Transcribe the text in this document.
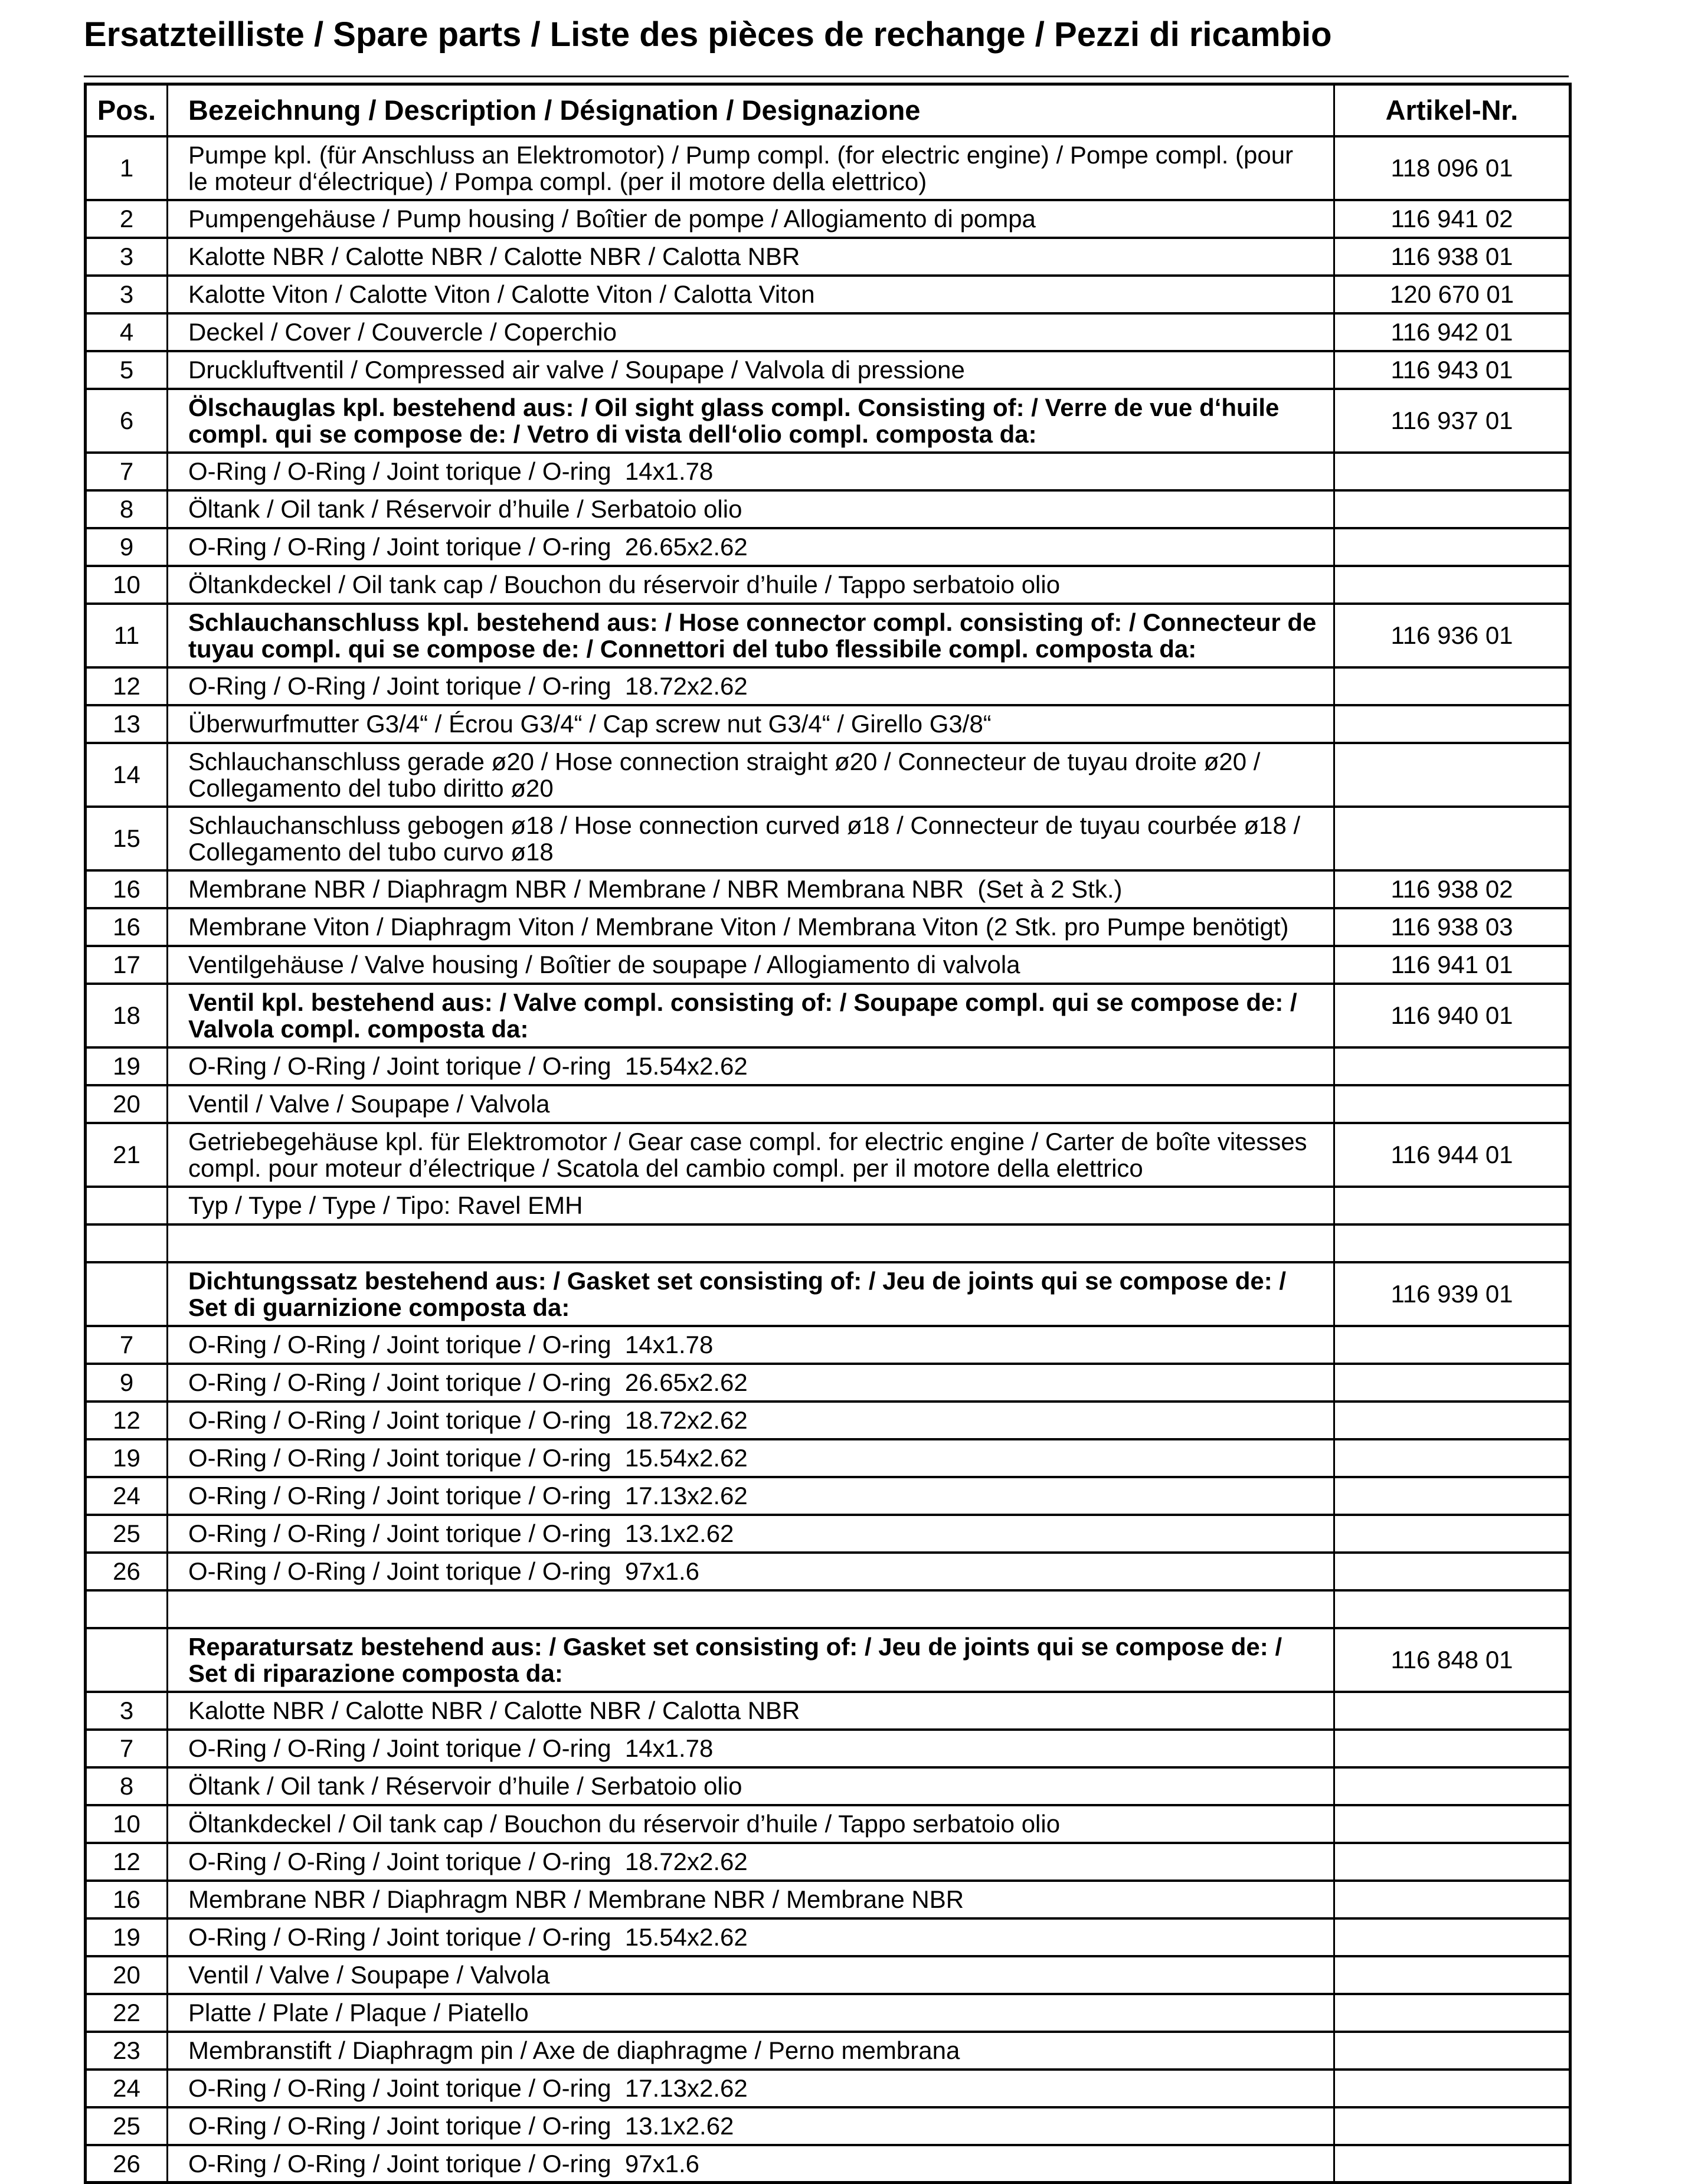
Ersatzteilliste / Spare parts / Liste des pièces de rechange / Pezzi di ricambio
Pos.	Bezeichnung / Description / Désignation / Designazione	Artikel-Nr.
1	Pumpe kpl. (für Anschluss an Elektromotor) / Pump compl. (for electric engine) / Pompe compl. (pour le moteur d‘électrique) / Pompa compl. (per il motore della elettrico)	118 096 01
2	Pumpengehäuse / Pump housing / Boîtier de pompe / Allogiamento di pompa	116 941 02
3	Kalotte NBR / Calotte NBR / Calotte NBR / Calotta NBR	116 938 01
3	Kalotte Viton / Calotte Viton / Calotte Viton / Calotta Viton	120 670 01
4	Deckel / Cover / Couvercle / Coperchio	116 942 01
5	Druckluftventil / Compressed air valve / Soupape / Valvola di pressione	116 943 01
6	Ölschauglas kpl. bestehend aus: / Oil sight glass compl. Consisting of: / Verre de vue d‘huile compl. qui se compose de: / Vetro di vista dell‘olio compl. composta da:	116 937 01
7	O-Ring / O-Ring / Joint torique / O-ring  14x1.78	
8	Öltank / Oil tank / Réservoir d’huile / Serbatoio olio	
9	O-Ring / O-Ring / Joint torique / O-ring  26.65x2.62	
10	Öltankdeckel / Oil tank cap / Bouchon du réservoir d’huile / Tappo serbatoio olio	
11	Schlauchanschluss kpl. bestehend aus: / Hose connector compl. consisting of: / Connecteur de tuyau compl. qui se compose de: / Connettori del tubo flessibile compl. composta da:	116 936 01
12	O-Ring / O-Ring / Joint torique / O-ring  18.72x2.62	
13	Überwurfmutter G3/4“ / Écrou G3/4“ / Cap screw nut G3/4“ / Girello G3/8“	
14	Schlauchanschluss gerade ø20 / Hose connection straight ø20 / Connecteur de tuyau droite ø20 / Collegamento del tubo diritto ø20	
15	Schlauchanschluss gebogen ø18 / Hose connection curved ø18 / Connecteur de tuyau courbée ø18 / Collegamento del tubo curvo ø18	
16	Membrane NBR / Diaphragm NBR / Membrane / NBR Membrana NBR  (Set à 2 Stk.)	116 938 02
16	Membrane Viton / Diaphragm Viton / Membrane Viton / Membrana Viton (2 Stk. pro Pumpe benötigt)	116 938 03
17	Ventilgehäuse / Valve housing / Boîtier de soupape / Allogiamento di valvola	116 941 01
18	Ventil kpl. bestehend aus: / Valve compl. consisting of: / Soupape compl. qui se compose de: / Valvola compl. composta da:	116 940 01
19	O-Ring / O-Ring / Joint torique / O-ring  15.54x2.62	
20	Ventil / Valve / Soupape / Valvola	
21	Getriebegehäuse kpl. für Elektromotor / Gear case compl. for electric engine / Carter de boîte vitesses compl. pour moteur d’électrique / Scatola del cambio compl. per il motore della elettrico	116 944 01
	Typ / Type / Type / Tipo: Ravel EMH	

	Dichtungssatz bestehend aus: / Gasket set consisting of: / Jeu de joints qui se compose de: / Set di guarnizione composta da:	116 939 01
7	O-Ring / O-Ring / Joint torique / O-ring  14x1.78	
9	O-Ring / O-Ring / Joint torique / O-ring  26.65x2.62	
12	O-Ring / O-Ring / Joint torique / O-ring  18.72x2.62	
19	O-Ring / O-Ring / Joint torique / O-ring  15.54x2.62	
24	O-Ring / O-Ring / Joint torique / O-ring  17.13x2.62	
25	O-Ring / O-Ring / Joint torique / O-ring  13.1x2.62	
26	O-Ring / O-Ring / Joint torique / O-ring  97x1.6	

	Reparatursatz bestehend aus: / Gasket set consisting of: / Jeu de joints qui se compose de: / Set di riparazione composta da:	116 848 01
3	Kalotte NBR / Calotte NBR / Calotte NBR / Calotta NBR	
7	O-Ring / O-Ring / Joint torique / O-ring  14x1.78	
8	Öltank / Oil tank / Réservoir d’huile / Serbatoio olio	
10	Öltankdeckel / Oil tank cap / Bouchon du réservoir d’huile / Tappo serbatoio olio	
12	O-Ring / O-Ring / Joint torique / O-ring  18.72x2.62	
16	Membrane NBR / Diaphragm NBR / Membrane NBR / Membrane NBR	
19	O-Ring / O-Ring / Joint torique / O-ring  15.54x2.62	
20	Ventil / Valve / Soupape / Valvola	
22	Platte / Plate / Plaque / Piatello	
23	Membranstift / Diaphragm pin / Axe de diaphragme / Perno membrana	
24	O-Ring / O-Ring / Joint torique / O-ring  17.13x2.62	
25	O-Ring / O-Ring / Joint torique / O-ring  13.1x2.62	
26	O-Ring / O-Ring / Joint torique / O-ring  97x1.6	
